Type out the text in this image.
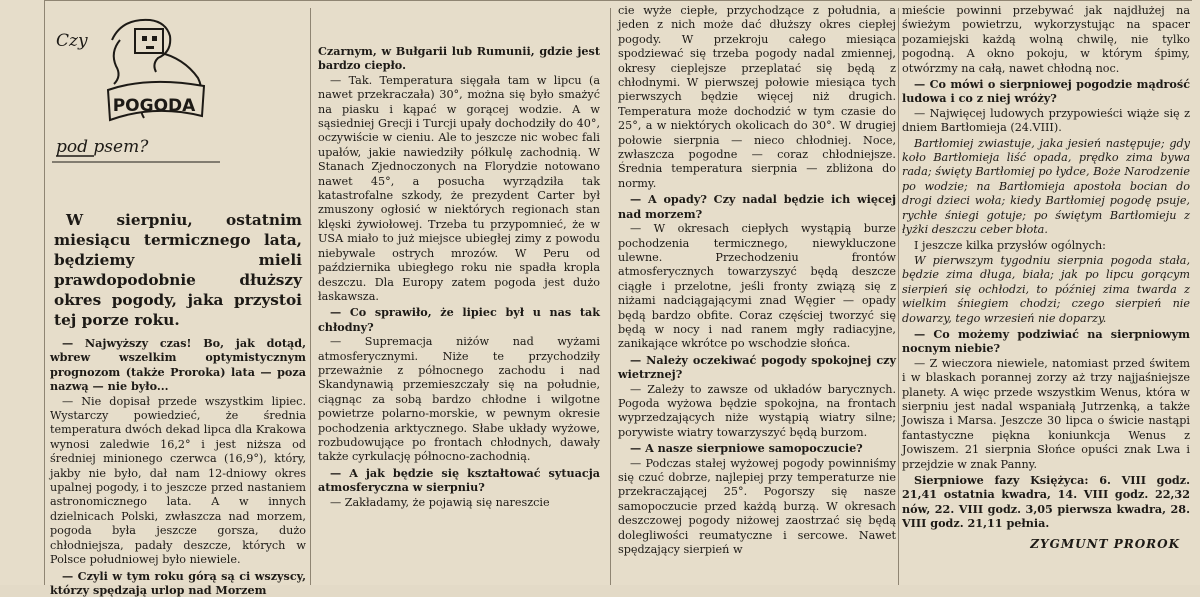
POGODA
Czy
pod psem?
W sierpniu, ostatnim miesiącu termicznego lata, będziemy mieli prawdopodobnie dłuższy okres pogody, jaka przystoi tej porze roku.

— Najwyższy czas! Bo, jak dotąd, wbrew wszelkim optymistycznym prognozom (także Proroka) lata — poza nazwą — nie było...

— Nie dopisał przede wszystkim lipiec. Wystarczy powiedzieć, że średnia temperatura dwóch dekad lipca dla Krakowa wynosi zaledwie 16,2° i jest niższa od średniej minionego czerwca (16,9°), który, jakby nie było, dał nam 12-dniowy okres upalnej pogody, i to jeszcze przed nastaniem astronomicznego lata. A w innych dzielnicach Polski, zwłaszcza nad morzem, pogoda była jeszcze gorsza, dużo chłodniejsza, padały deszcze, których w Polsce południowej było niewiele.

— Czyli w tym roku górą są ci wszyscy, którzy spędzają urlop nad Morzem

Czarnym, w Bułgarii lub Rumunii, gdzie jest bardzo ciepło.

— Tak. Temperatura sięgała tam w lipcu (a nawet przekraczała) 30°, można się było smażyć na piasku i kąpać w gorącej wodzie. A w sąsiedniej Grecji i Turcji upały dochodziły do 40°, oczywiście w cieniu. Ale to jeszcze nic wobec fali upałów, jakie nawiedziły półkulę zachodnią. W Stanach Zjednoczonych na Florydzie notowano nawet 45°, a posucha wyrządziła tak katastrofalne szkody, że prezydent Carter był zmuszony ogłosić w niektórych regionach stan klęski żywiołowej. Trzeba tu przypomnieć, że w USA miało to już miejsce ubiegłej zimy z powodu niebywale ostrych mrozów. W Peru od października ubiegłego roku nie spadła kropla deszczu. Dla Europy zatem pogoda jest dużo łaskawsza.

— Co sprawiło, że lipiec był u nas tak chłodny?

— Supremacja niżów nad wyżami atmosferycznymi. Niże te przychodziły przeważnie z północnego zachodu i nad Skandynawią przemieszczały się na południe, ciągnąc za sobą bardzo chłodne i wilgotne powietrze polarno-morskie, w pewnym okresie pochodzenia arktycznego. Słabe układy wyżowe, rozbudowujące po frontach chłodnych, dawały także cyrkulację północno-zachodnią.

— A jak będzie się kształtować sytuacja atmosferyczna w sierpniu?

— Zakładamy, że pojawią się nareszcie

cie wyże ciepłe, przychodzące z południa, a jeden z nich może dać dłuższy okres ciepłej pogody. W przekroju całego miesiąca spodziewać się trzeba pogody nadal zmiennej, okresy cieplejsze przeplatać się będą z chłodnymi. W pierwszej połowie miesiąca tych pierwszych będzie więcej niż drugich. Temperatura może dochodzić w tym czasie do 25°, a w niektórych okolicach do 30°. W drugiej połowie sierpnia — nieco chłodniej. Noce, zwłaszcza pogodne — coraz chłodniejsze. Średnia temperatura sierpnia — zbliżona do normy.

— A opady? Czy nadal będzie ich więcej nad morzem?

— W okresach ciepłych wystąpią burze pochodzenia termicznego, niewykluczone ulewne. Przechodzeniu frontów atmosferycznych towarzyszyć będą deszcze ciągłe i przelotne, jeśli fronty związą się z niżami nadciągającymi znad Węgier — opady będą bardzo obfite. Coraz częściej tworzyć się będą w nocy i nad ranem mgły radiacyjne, zanikające wkrótce po wschodzie słońca.

— Należy oczekiwać pogody spokojnej czy wietrznej?

— Zależy to zawsze od układów barycznych. Pogoda wyżowa będzie spokojna, na frontach wyprzedzających niże wystąpią wiatry silne; porywiste wiatry towarzyszyć będą burzom.

— A nasze sierpniowe samopoczucie?

— Podczas stałej wyżowej pogody powinniśmy się czuć dobrze, najlepiej przy temperaturze nie przekraczającej 25°. Pogorszy się nasze samopoczucie przed każdą burzą. W okresach deszczowej pogody niżowej zaostrzać się będą dolegliwości reumatyczne i sercowe. Nawet spędzający sierpień w

mieście powinni przebywać jak najdłużej na świeżym powietrzu, wykorzystując na spacer pozamiejski każdą wolną chwilę, nie tylko pogodną. A okno pokoju, w którym śpimy, otwórzmy na całą, nawet chłodną noc.

— Co mówi o sierpniowej pogodzie mądrość ludowa i co z niej wróży?

— Najwięcej ludowych przypowieści wiąże się z dniem Bartłomieja (24.VIII).

Bartłomiej zwiastuje, jaka jesień następuje; gdy koło Bartłomieja liść opada, prędko zima bywa rada; święty Bartłomiej po łydce, Boże Narodzenie po wodzie; na Bartłomieja apostoła bocian do drogi dzieci woła; kiedy Bartłomiej pogodę psuje, rychłe śniegi gotuje; po świętym Bartłomieju z łyżki deszczu ceber błota.

I jeszcze kilka przysłów ogólnych:

W pierwszym tygodniu sierpnia pogoda stała, będzie zima długa, biała; jak po lipcu gorącym sierpień się ochłodzi, to później zima twarda z wielkim śniegiem chodzi; czego sierpień nie dowarzy, tego wrzesień nie doparzy.

— Co możemy podziwiać na sierpniowym nocnym niebie?

— Z wieczora niewiele, natomiast przed świtem i w blaskach porannej zorzy aż trzy najjaśniejsze planety. A więc przede wszystkim Wenus, która w sierpniu jest nadal wspaniałą Jutrzenką, a także Jowisza i Marsa. Jeszcze 30 lipca o świcie nastąpi fantastyczne piękna koniunkcja Wenus z Jowiszem. 21 sierpnia Słońce opuści znak Lwa i przejdzie w znak Panny.

Sierpniowe fazy Księżyca: 6. VIII godz. 21,41 ostatnia kwadra, 14. VIII godz. 22,32 nów, 22. VIII godz. 3,05 pierwsza kwadra, 28. VIII godz. 21,11 pełnia.

ZYGMUNT PROROK
